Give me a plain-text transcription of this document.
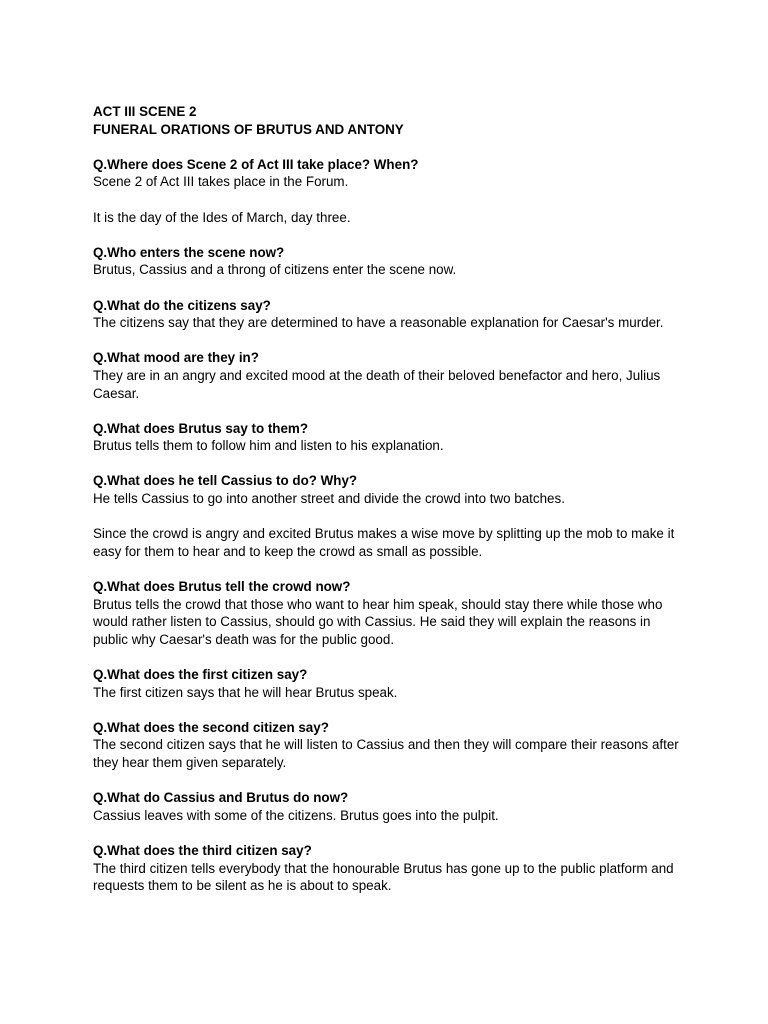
ACT III SCENE 2
FUNERAL ORATIONS OF BRUTUS AND ANTONY
Q.Where does Scene 2 of Act III take place? When?
Scene 2 of Act III takes place in the Forum.
It is the day of the Ides of March, day three.
Q.Who enters the scene now?
Brutus, Cassius and a throng of citizens enter the scene now.
Q.What do the citizens say?
The citizens say that they are determined to have a reasonable explanation for Caesar's murder.
Q.What mood are they in?
They are in an angry and excited mood at the death of their beloved benefactor and hero, Julius Caesar.
Q.What does Brutus say to them?
Brutus tells them to follow him and listen to his explanation.
Q.What does he tell Cassius to do? Why?
He tells Cassius to go into another street and divide the crowd into two batches.
Since the crowd is angry and excited Brutus makes a wise move by splitting up the mob to make it easy for them to hear and to keep the crowd as small as possible.
Q.What does Brutus tell the crowd now?
Brutus tells the crowd that those who want to hear him speak, should stay there while those who would rather listen to Cassius, should go with Cassius. He said they will explain the reasons in public why Caesar's death was for the public good.
Q.What does the first citizen say?
The first citizen says that he will hear Brutus speak.
Q.What does the second citizen say?
The second citizen says that he will listen to Cassius and then they will compare their reasons after they hear them given separately.
Q.What do Cassius and Brutus do now?
Cassius leaves with some of the citizens. Brutus goes into the pulpit.
Q.What does the third citizen say?
The third citizen tells everybody that the honourable Brutus has gone up to the public platform and requests them to be silent as he is about to speak.
